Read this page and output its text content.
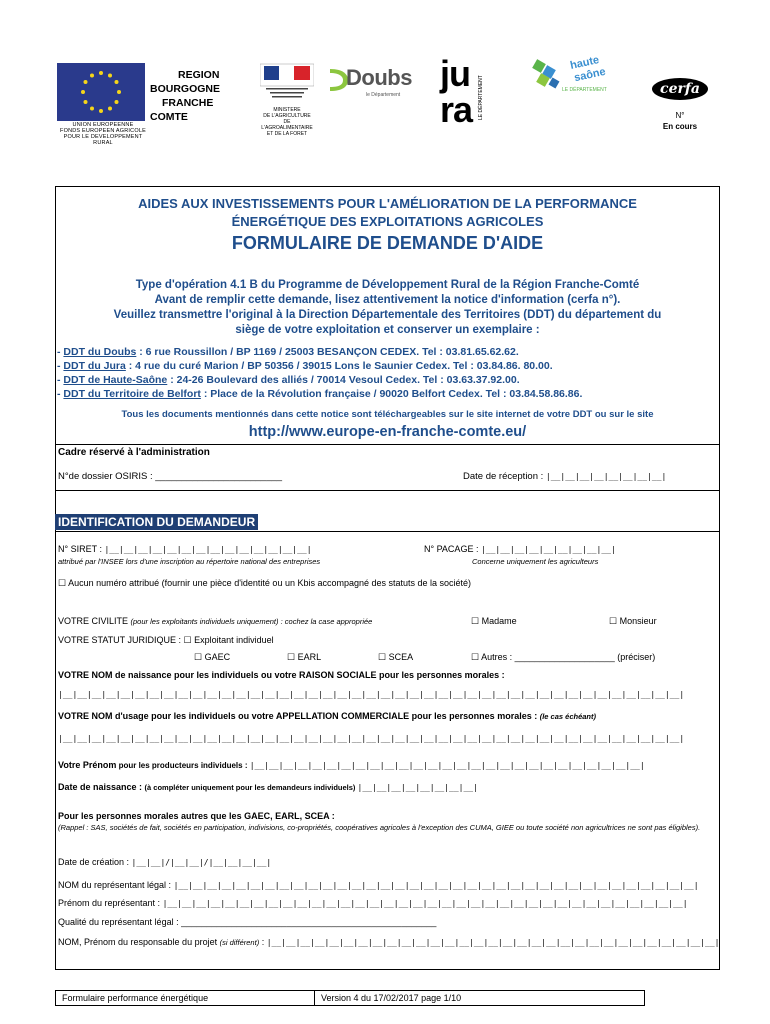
UNION EUROPEENNE
FONDS EUROPEEN AGRICOLE
POUR LE DEVELOPPEMENT RURAL
REGION
BOURGOGNE
FRANCHE
COMTE
MINISTERE
DE L'AGRICULTURE
DE L'AGROALIMENTAIRE
ET DE LA FORET
Doubs
le Département
ju
ra LE DÉPARTEMENT
haute
saône
LE DÉPARTEMENT	cerfa
N°
En cours
AIDES AUX INVESTISSEMENTS POUR L'AMÉLIORATION DE LA PERFORMANCE
ÉNERGÉTIQUE DES EXPLOITATIONS AGRICOLES
FORMULAIRE DE DEMANDE D'AIDE
Type d'opération 4.1 B du Programme de Développement Rural de la Région Franche-Comté
Avant de remplir cette demande, lisez attentivement la notice d'information (cerfa n°).
Veuillez transmettre l'original à la Direction Départementale des Territoires (DDT) du département du
siège de votre exploitation et conserver un exemplaire :
- DDT du Doubs : 6 rue Roussillon / BP 1169 / 25003 BESANÇON CEDEX. Tel : 03.81.65.62.62.
- DDT du Jura : 4 rue du curé Marion / BP 50356 / 39015 Lons le Saunier Cedex. Tel : 03.84.86. 80.00.
- DDT de Haute-Saône : 24-26 Boulevard des alliés / 70014 Vesoul Cedex. Tel : 03.63.37.92.00.
- DDT du Territoire de Belfort : Place de la Révolution française / 90020 Belfort Cedex. Tel : 03.84.58.86.86.
Tous les documents mentionnés dans cette notice sont téléchargeables sur le site internet de votre DDT ou sur le site
http://www.europe-en-franche-comte.eu/
Cadre réservé à l'administration
N°de dossier OSIRIS : ________________________	Date de réception : |__|__|__|__|__|__|__|__|
IDENTIFICATION DU DEMANDEUR
N° SIRET : |__|__|__|__|__|__|__|__|__|__|__|__|__|__|	N° PACAGE : |__|__|__|__|__|__|__|__|__|
attribué par l'INSEE lors d'une inscription au répertoire national des entreprises	Concerne uniquement les agriculteurs
☐ Aucun numéro attribué (fournir une pièce d'identité ou un Kbis accompagné des statuts de la société)
VOTRE CIVILITE (pour les exploitants individuels uniquement) : cochez la case appropriée	☐ Madame	☐ Monsieur
VOTRE STATUT JURIDIQUE : ☐ Exploitant individuel
☐ GAEC	☐ EARL	☐ SCEA	☐ Autres : ____________________ (préciser)
VOTRE NOM de naissance pour les individuels ou votre RAISON SOCIALE pour les personnes morales :
|__|__|__|__|__|__|__|__|__|__|__|__|__|__|__|__|__|__|__|__|__|__|__|__|__|__|__|__|__|__|__|__|__|__|__|__|__|__|__|__|__|__|__|
VOTRE NOM d'usage pour les individuels ou votre APPELLATION COMMERCIALE pour les personnes morales : (le cas échéant)
|__|__|__|__|__|__|__|__|__|__|__|__|__|__|__|__|__|__|__|__|__|__|__|__|__|__|__|__|__|__|__|__|__|__|__|__|__|__|__|__|__|__|__|
Votre Prénom pour les producteurs individuels : |__|__|__|__|__|__|__|__|__|__|__|__|__|__|__|__|__|__|__|__|__|__|__|__|__|__|__|
Date de naissance : (à compléter uniquement pour les demandeurs individuels) |__|__|__|__|__|__|__|__|
Pour les personnes morales autres que les GAEC, EARL, SCEA :
(Rappel : SAS, sociétés de fait, sociétés en participation, indivisions, co-propriétés, coopératives agricoles à l'exception des CUMA, GIEE ou toute société non agricultrices ne sont pas éligibles).
Date de création : |__|__|/|__|__|/|__|__|__|__|
NOM du représentant légal : |__|__|__|__|__|__|__|__|__|__|__|__|__|__|__|__|__|__|__|__|__|__|__|__|__|__|__|__|__|__|__|__|__|__|__|__|
Prénom du représentant : |__|__|__|__|__|__|__|__|__|__|__|__|__|__|__|__|__|__|__|__|__|__|__|__|__|__|__|__|__|__|__|__|__|__|__|__|
Qualité du représentant légal : ___________________________________________________
NOM, Prénom du responsable du projet (si différent) : |__|__|__|__|__|__|__|__|__|__|__|__|__|__|__|__|__|__|__|__|__|__|__|__|__|__|__|__|__|__|__|
Formulaire performance énergétique	Version 4 du 17/02/2017 page 1/10
